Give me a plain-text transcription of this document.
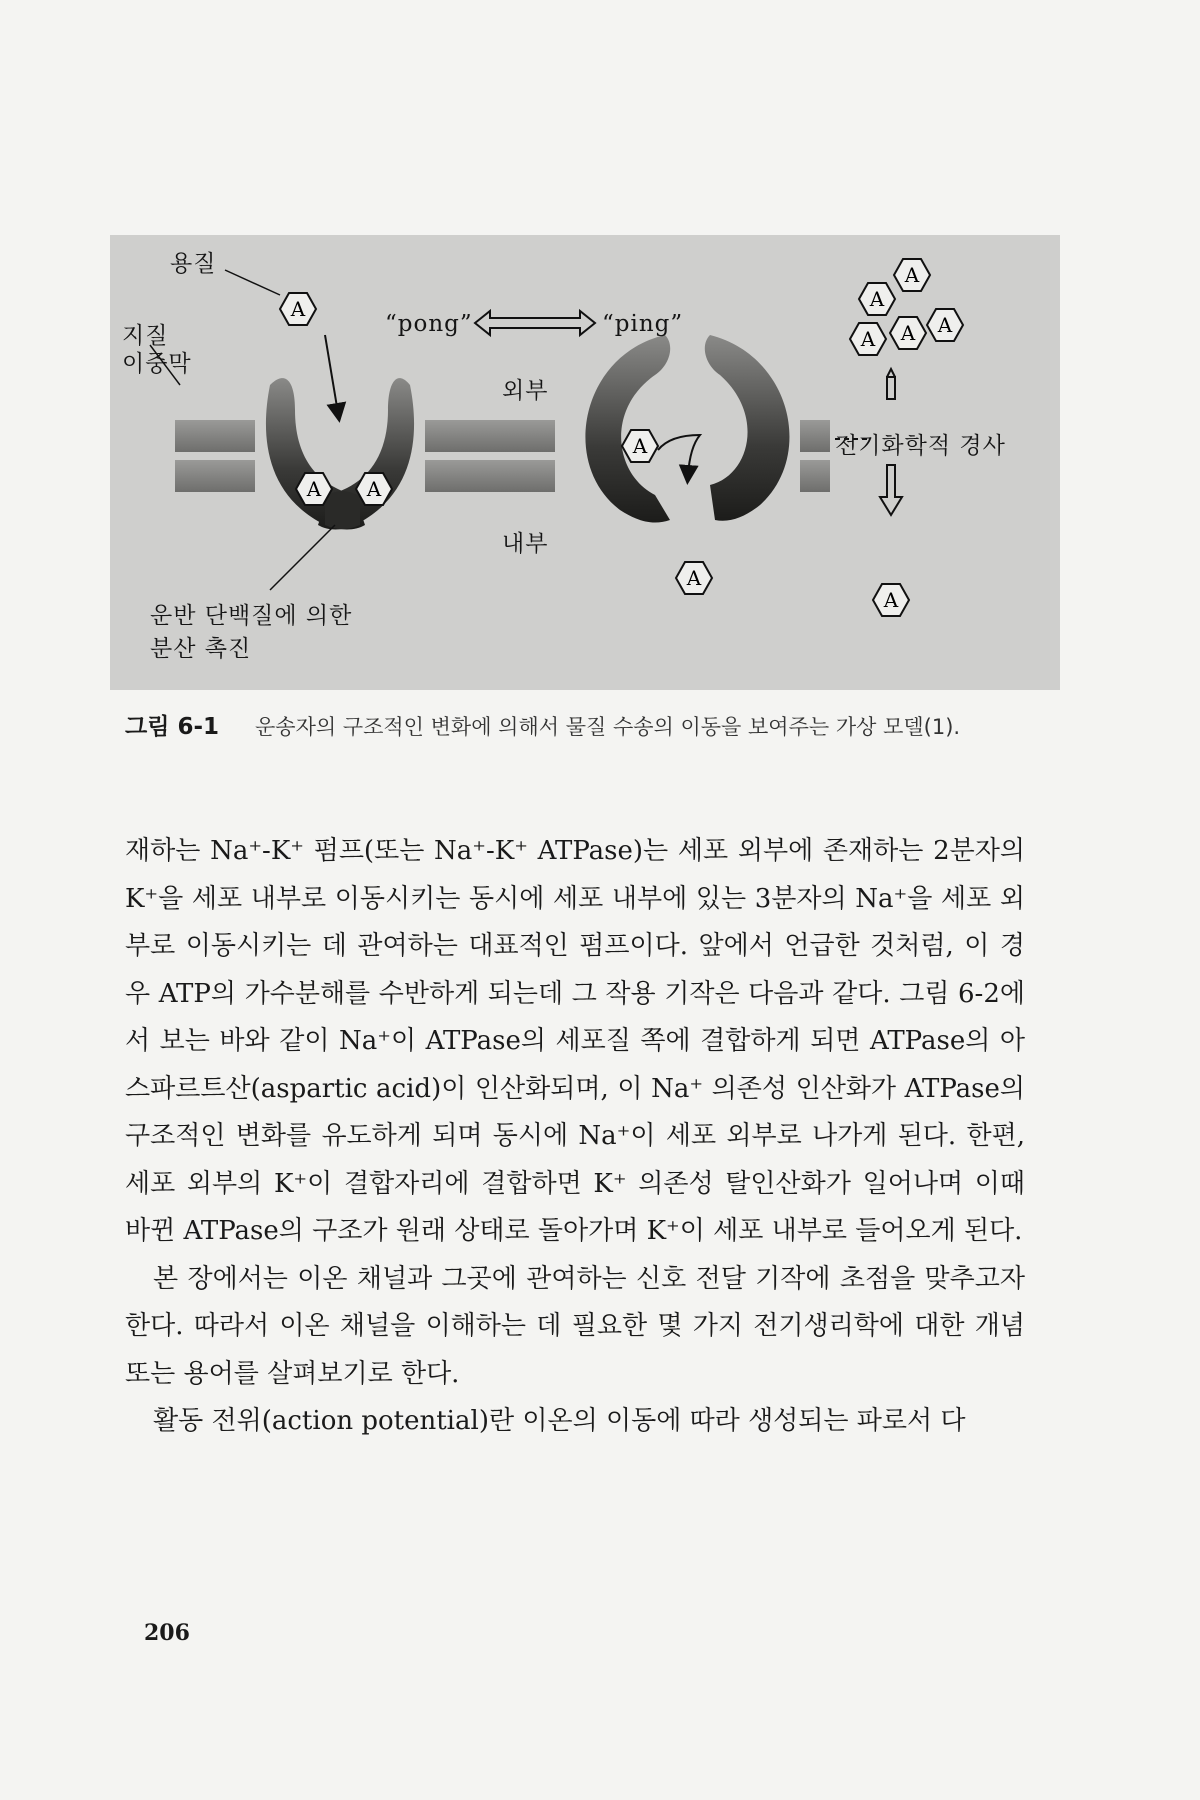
A
A A
A
A
A
A
A A A
A
용질
지질
이중막
“pong”	“ping”
외부
내부
전기화학적 경사
운반 단백질에 의한
분산 촉진
그림 6-1 운송자의 구조적인 변화에 의해서 물질 수송의 이동을 보여주는 가상 모델(1).

재하는 Na⁺-K⁺ 펌프(또는 Na⁺-K⁺ ATPase)는 세포 외부에 존재하는 2분자의 K⁺을 세포 내부로 이동시키는 동시에 세포 내부에 있는 3분자의 Na⁺을 세포 외부로 이동시키는 데 관여하는 대표적인 펌프이다. 앞에서 언급한 것처럼, 이 경우 ATP의 가수분해를 수반하게 되는데 그 작용 기작은 다음과 같다. 그림 6-2에서 보는 바와 같이 Na⁺이 ATPase의 세포질 쪽에 결합하게 되면 ATPase의 아스파르트산(aspartic acid)이 인산화되며, 이 Na⁺ 의존성 인산화가 ATPase의 구조적인 변화를 유도하게 되며 동시에 Na⁺이 세포 외부로 나가게 된다. 한편, 세포 외부의 K⁺이 결합자리에 결합하면 K⁺ 의존성 탈인산화가 일어나며 이때 바뀐 ATPase의 구조가 원래 상태로 돌아가며 K⁺이 세포 내부로 들어오게 된다.

본 장에서는 이온 채널과 그곳에 관여하는 신호 전달 기작에 초점을 맞추고자 한다. 따라서 이온 채널을 이해하는 데 필요한 몇 가지 전기생리학에 대한 개념 또는 용어를 살펴보기로 한다.

활동 전위(action potential)란 이온의 이동에 따라 생성되는 파로서 다

206
